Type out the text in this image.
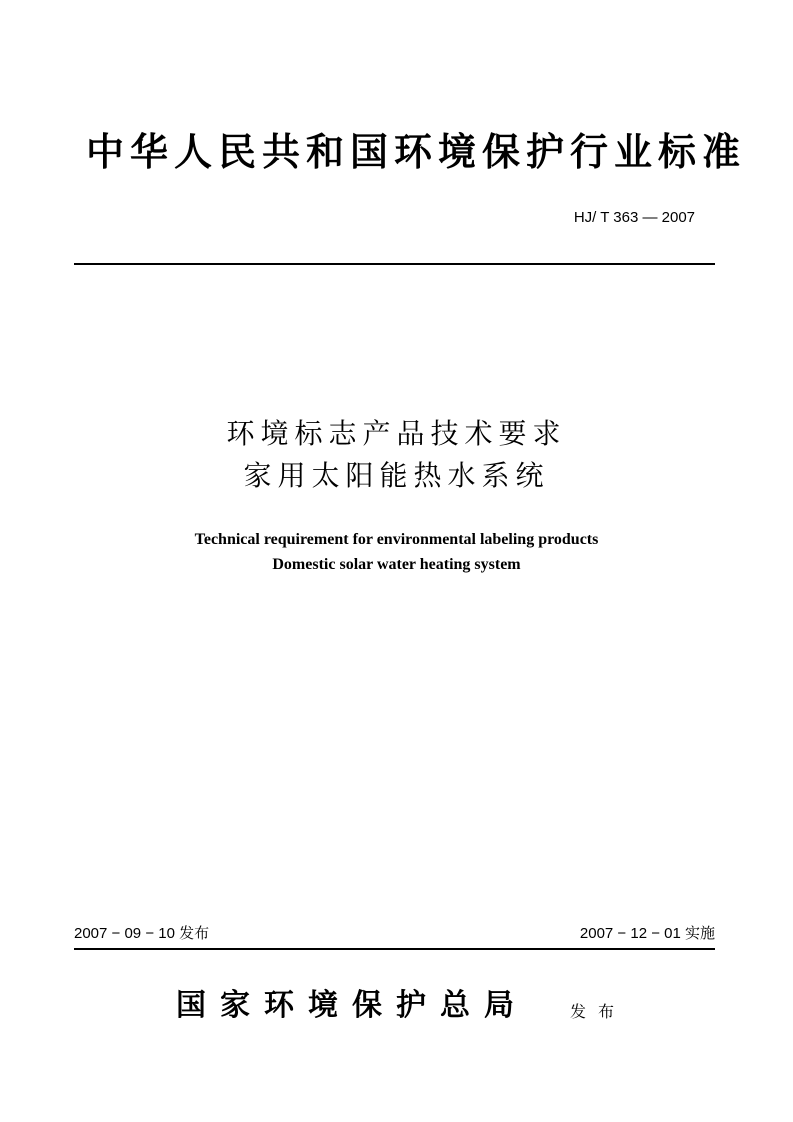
中华人民共和国环境保护行业标准
HJ/ T 363 — 2007
环境标志产品技术要求
家用太阳能热水系统
Technical requirement for environmental labeling products
Domestic solar water heating system
2007 − 09 − 10 发布	2007 − 12 − 01 实施
国家环境保护总局	发布
